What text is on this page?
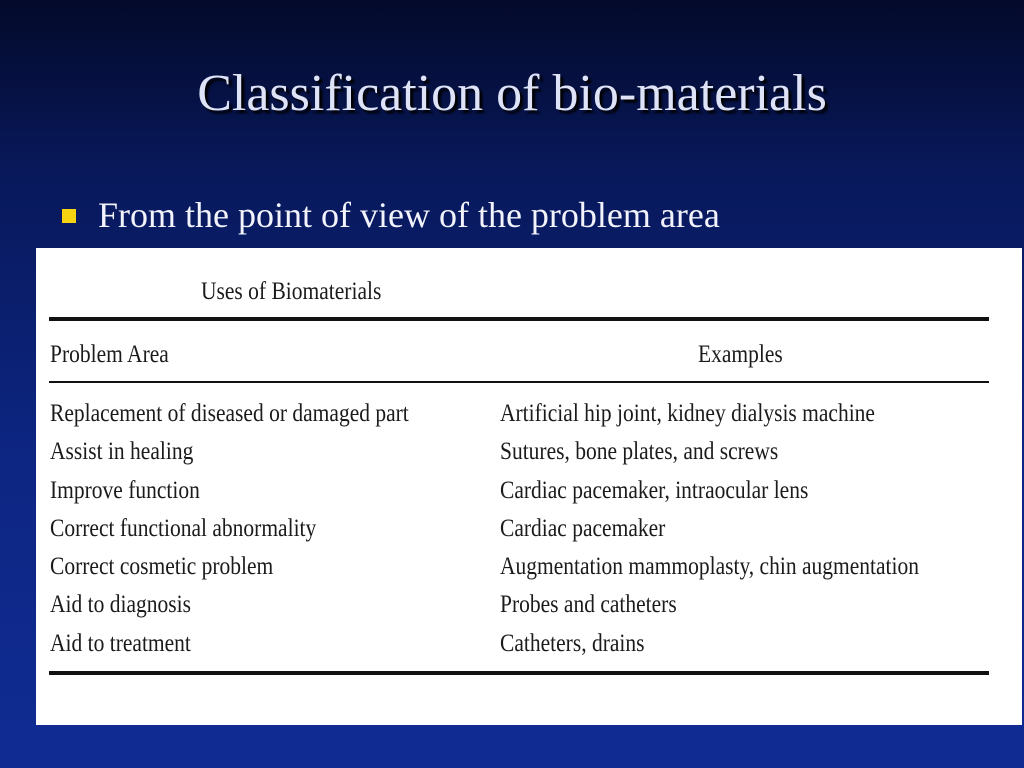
Classification of bio-materials
From the point of view of the problem area
Uses of Biomaterials
Problem Area	Examples
Replacement of diseased or damaged part	Artificial hip joint, kidney dialysis machine
Assist in healing	Sutures, bone plates, and screws
Improve function	Cardiac pacemaker, intraocular lens
Correct functional abnormality	Cardiac pacemaker
Correct cosmetic problem	Augmentation mammoplasty, chin augmentation
Aid to diagnosis	Probes and catheters
Aid to treatment	Catheters, drains
